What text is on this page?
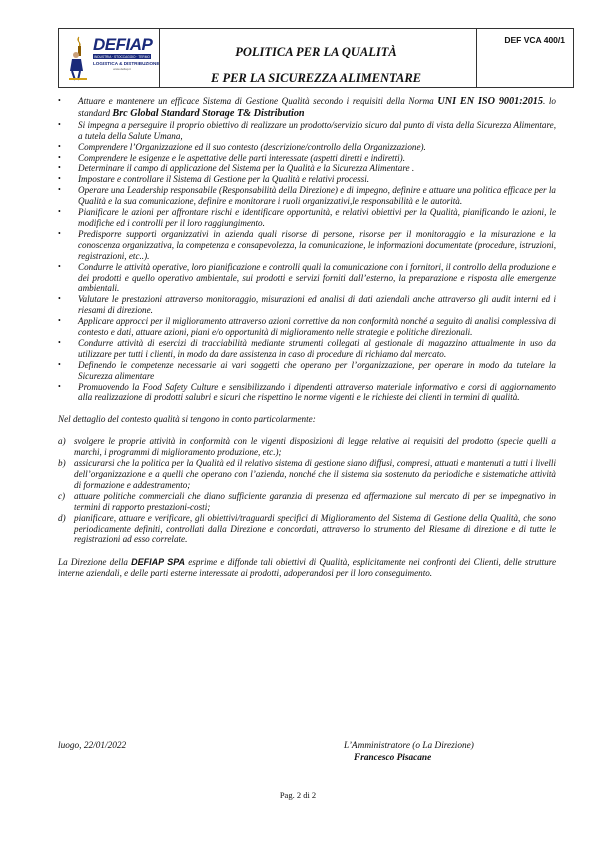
DEFIAP
INDUSTRIA · STOCCAGGIO · TERMO
LOGISTICA & DISTRIBUZIONE
www.defiap.it
POLITICA PER LA QUALITÀ
E PER LA SICUREZZA ALIMENTARE
DEF VCA 400/1
• Attuare e mantenere un efficace Sistema di Gestione Qualità secondo i requisiti della Norma UNI EN ISO 9001:2015. lo standard Brc Global Standard Storage T& Distribution
• Si impegna a perseguire il proprio obiettivo di realizzare un prodotto/servizio sicuro dal punto di vista della Sicurezza Alimentare, a tutela della Salute Umana,
• Comprendere l’Organizzazione ed il suo contesto (descrizione/controllo della Organizzazione).
• Comprendere le esigenze e le aspettative delle parti interessate (aspetti diretti e indiretti).
• Determinare il campo di applicazione del Sistema per la Qualità e la Sicurezza Alimentare .
• Impostare e controllare il Sistema di Gestione per la Qualità e relativi processi.
• Operare una Leadership responsabile (Responsabilità della Direzione) e di impegno, definire e attuare una politica efficace per la Qualità e la sua comunicazione, definire e monitorare i ruoli organizzativi,le responsabilità e le autorità.
• Pianificare le azioni per affrontare rischi e identificare opportunità, e relativi obiettivi per la Qualità, pianificando le azioni, le modifiche ed i controlli per il loro raggiungimento.
• Predisporre supporti organizzativi in azienda quali risorse di persone, risorse per il monitoraggio e la misurazione e la conoscenza organizzativa, la competenza e consapevolezza, la comunicazione, le informazioni documentate (procedure, istruzioni, registrazioni, etc..).
• Condurre le attività operative, loro pianificazione e controlli quali la comunicazione con i fornitori, il controllo della produzione e dei prodotti e quello operativo ambientale, sui prodotti e servizi forniti dall’esterno, la preparazione e risposta alle emergenze ambientali.
• Valutare le prestazioni attraverso monitoraggio, misurazioni ed analisi di dati aziendali anche attraverso gli audit interni ed i riesami di direzione.
• Applicare approcci per il miglioramento attraverso azioni correttive da non conformità nonché a seguito di analisi complessiva di contesto e dati, attuare azioni, piani e/o opportunità di miglioramento nelle strategie e politiche direzionali.
• Condurre attività di esercizi di tracciabilità mediante strumenti collegati al gestionale di magazzino attualmente in uso da utilizzare per tutti i clienti, in modo da dare assistenza in caso di procedure di richiamo dal mercato.
• Definendo le competenze necessarie ai vari soggetti che operano per l’organizzazione, per operare in modo da tutelare la Sicurezza alimentare
• Promuovendo la Food Safety Culture e sensibilizzando i dipendenti attraverso materiale informativo e corsi di aggiornamento alla realizzazione di prodotti salubri e sicuri che rispettino le norme vigenti e le richieste dei clienti in termini di qualità.

Nel dettaglio del contesto qualità si tengono in conto particolarmente:

a) svolgere le proprie attività in conformità con le vigenti disposizioni di legge relative ai requisiti del prodotto (specie quelli a marchi, i programmi di miglioramento produzione, etc.);
b) assicurarsi che la politica per la Qualità ed il relativo sistema di gestione siano diffusi, compresi, attuati e mantenuti a tutti i livelli dell’organizzazione e a quelli che operano con l’azienda, nonché che il sistema sia sostenuto da periodiche e sistematiche attività di formazione e addestramento;
c) attuare politiche commerciali che diano sufficiente garanzia di presenza ed affermazione sul mercato di per se impegnativo in termini di rapporto prestazioni-costi;
d) pianificare, attuare e verificare, gli obiettivi/traguardi specifici di Miglioramento del Sistema di Gestione della Qualità, che sono periodicamente definiti, controllati dalla Direzione e concordati, attraverso lo strumento del Riesame di direzione e di tutte le registrazioni ad esso correlate.

La Direzione della DEFIAP SPA esprime e diffonde tali obiettivi di Qualità, esplicitamente nei confronti dei Clienti, delle strutture interne aziendali, e delle parti esterne interessate ai prodotti, adoperandosi per il loro conseguimento.

luogo, 22/01/2022	L’Amministratore (o La Direzione)
Francesco Pisacane
Pag. 2 di 2
